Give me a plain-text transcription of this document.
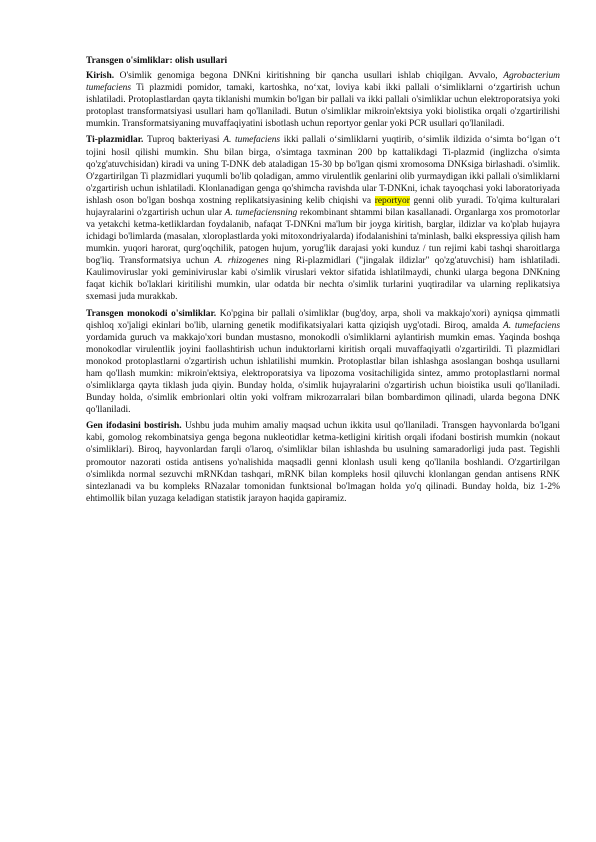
Transgen o'simliklar: olish usullari

Kirish. O'simlik genomiga begona DNKni kiritishning bir qancha usullari ishlab chiqilgan. Avvalo, Agrobacterium tumefaciens Ti plazmidi pomidor, tamaki, kartoshka, no‘xat, loviya kabi ikki pallali o‘simliklarni o‘zgartirish uchun ishlatiladi. Protoplastlardan qayta tiklanishi mumkin bo'lgan bir pallali va ikki pallali o'simliklar uchun elektroporatsiya yoki protoplast transformatsiyasi usullari ham qo'llaniladi. Butun o'simliklar mikroin'ektsiya yoki biolistika orqali o'zgartirilishi mumkin. Transformatsiyaning muvaffaqiyatini isbotlash uchun reportyor genlar yoki PCR usullari qo'llaniladi.

Ti-plazmidlar. Tuproq bakteriyasi A. tumefaciens ikki pallali o‘simliklarni yuqtirib, o‘simlik ildizida o‘simta bo‘lgan o‘t tojini hosil qilishi mumkin. Shu bilan birga, o'simtaga taxminan 200 bp kattalikdagi Ti-plazmid (inglizcha o'simta qo'zg'atuvchisidan) kiradi va uning T-DNK deb ataladigan 15-30 bp bo'lgan qismi xromosoma DNKsiga birlashadi. o'simlik. O'zgartirilgan Ti plazmidlari yuqumli bo'lib qoladigan, ammo virulentlik genlarini olib yurmaydigan ikki pallali o'simliklarni o'zgartirish uchun ishlatiladi. Klonlanadigan genga qo'shimcha ravishda ular T-DNKni, ichak tayoqchasi yoki laboratoriyada ishlash oson bo'lgan boshqa xostning replikatsiyasining kelib chiqishi va reportyor genni olib yuradi. To'qima kulturalari hujayralarini o'zgartirish uchun ular A. tumefaciensning rekombinant shtammi bilan kasallanadi. Organlarga xos promotorlar va yetakchi ketma-ketliklardan foydalanib, nafaqat T-DNKni ma'lum bir joyga kiritish, barglar, ildizlar va ko'plab hujayra ichidagi bo'limlarda (masalan, xloroplastlarda yoki mitoxondriyalarda) ifodalanishini ta'minlash, balki ekspressiya qilish ham mumkin. yuqori harorat, qurg'oqchilik, patogen hujum, yorug'lik darajasi yoki kunduz / tun rejimi kabi tashqi sharoitlarga bog'liq. Transformatsiya uchun A. rhizogenes ning Ri-plazmidlari ("jingalak ildizlar" qo'zg'atuvchisi) ham ishlatiladi. Kaulimoviruslar yoki geminiviruslar kabi o'simlik viruslari vektor sifatida ishlatilmaydi, chunki ularga begona DNKning faqat kichik bo'laklari kiritilishi mumkin, ular odatda bir nechta o'simlik turlarini yuqtiradilar va ularning replikatsiya sxemasi juda murakkab.

Transgen monokodi o'simliklar. Ko'pgina bir pallali o'simliklar (bug'doy, arpa, sholi va makkajo'xori) ayniqsa qimmatli qishloq xo'jaligi ekinlari bo'lib, ularning genetik modifikatsiyalari katta qiziqish uyg'otadi. Biroq, amalda A. tumefaciens yordamida guruch va makkajo'xori bundan mustasno, monokodli o'simliklarni aylantirish mumkin emas. Yaqinda boshqa monokodlar virulentlik joyini faollashtirish uchun induktorlarni kiritish orqali muvaffaqiyatli o'zgartirildi. Ti plazmidlari monokod protoplastlarni o'zgartirish uchun ishlatilishi mumkin. Protoplastlar bilan ishlashga asoslangan boshqa usullarni ham qo'llash mumkin: mikroin'ektsiya, elektroporatsiya va lipozoma vositachiligida sintez, ammo protoplastlarni normal o'simliklarga qayta tiklash juda qiyin. Bunday holda, o'simlik hujayralarini o'zgartirish uchun bioistika usuli qo'llaniladi. Bunday holda, o'simlik embrionlari oltin yoki volfram mikrozarralari bilan bombardimon qilinadi, ularda begona DNK qo'llaniladi.

Gen ifodasini bostirish. Ushbu juda muhim amaliy maqsad uchun ikkita usul qo'llaniladi. Transgen hayvonlarda bo'lgani kabi, gomolog rekombinatsiya genga begona nukleotidlar ketma-ketligini kiritish orqali ifodani bostirish mumkin (nokaut o'simliklari). Biroq, hayvonlardan farqli o'laroq, o'simliklar bilan ishlashda bu usulning samaradorligi juda past. Tegishli promoutor nazorati ostida antisens yo'nalishida maqsadli genni klonlash usuli keng qo'llanila boshlandi. O'zgartirilgan o'simlikda normal sezuvchi mRNKdan tashqari, mRNK bilan kompleks hosil qiluvchi klonlangan gendan antisens RNK sintezlanadi va bu kompleks RNazalar tomonidan funktsional bo'lmagan holda yo'q qilinadi. Bunday holda, biz 1-2% ehtimollik bilan yuzaga keladigan statistik jarayon haqida gapiramiz.
